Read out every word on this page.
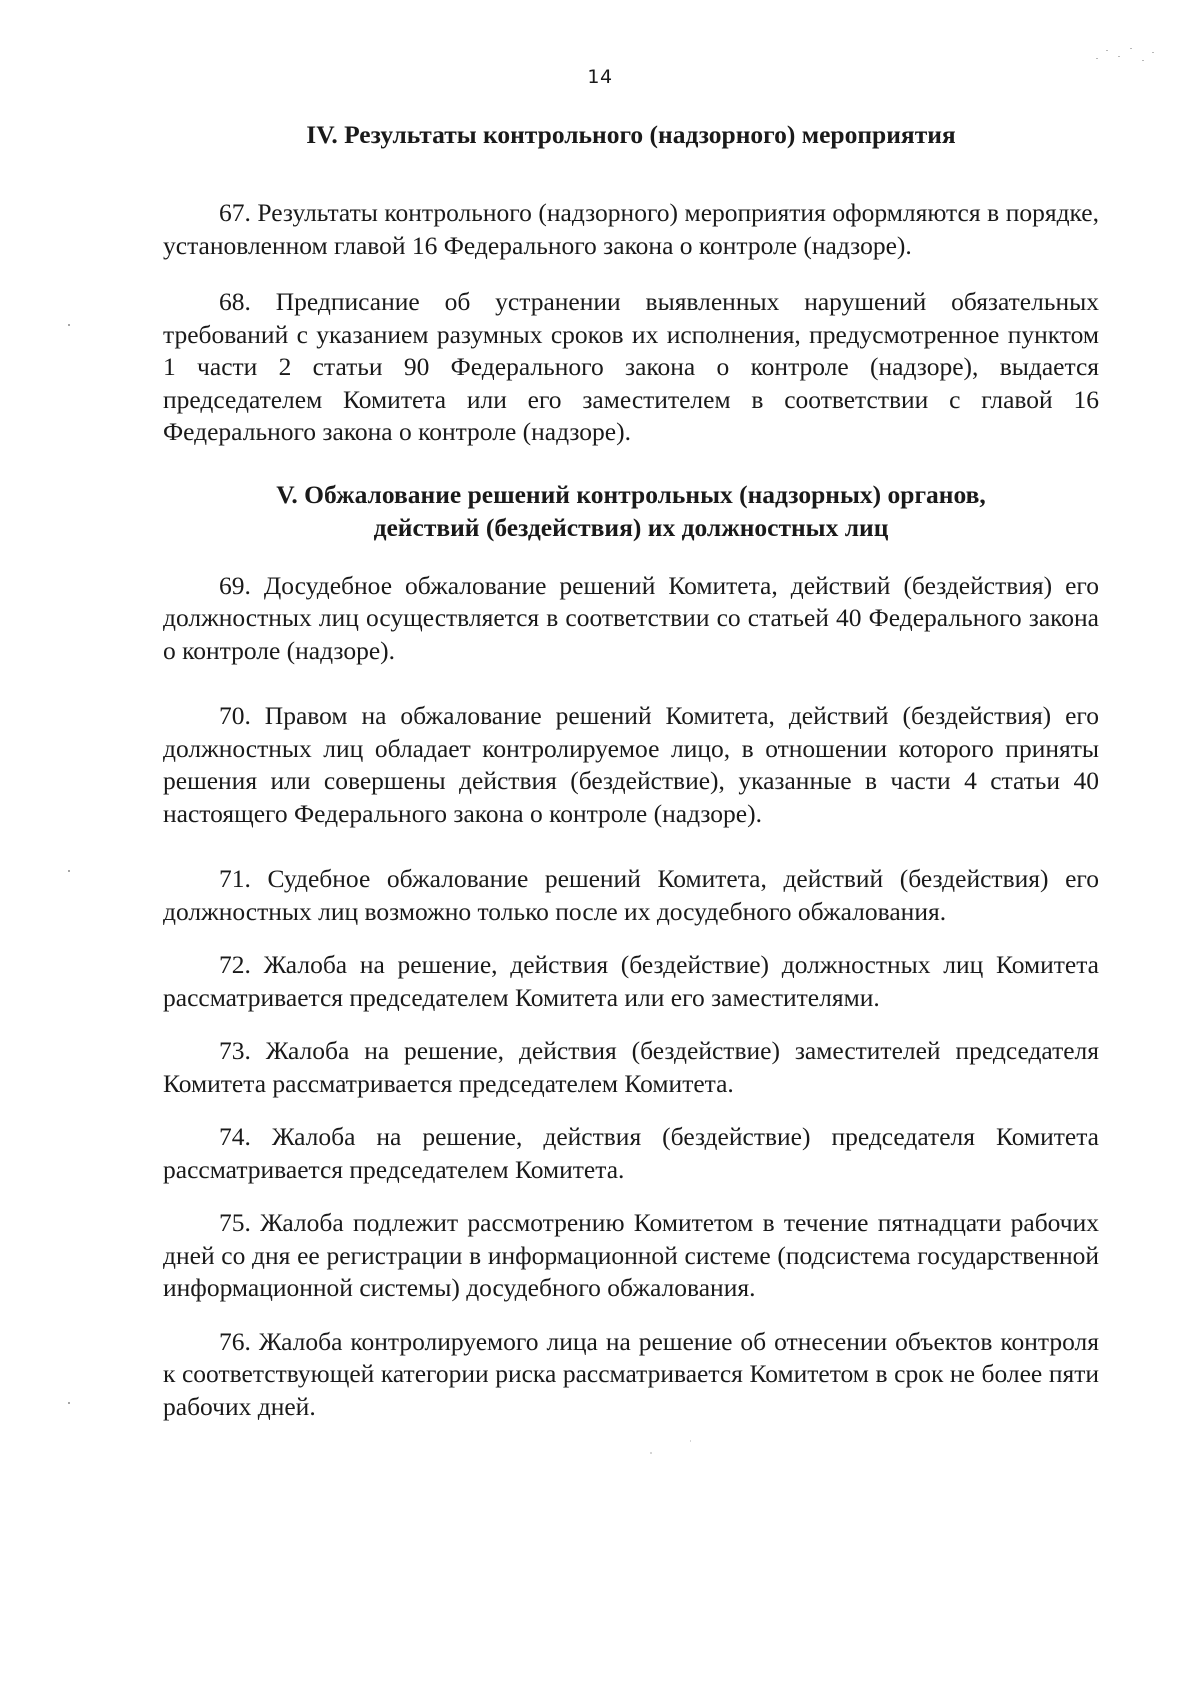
14
IV. Результаты контрольного (надзорного) мероприятия

67. Результаты контрольного (надзорного) мероприятия оформляются в порядке, установленном главой 16 Федерального закона о контроле (надзоре).

68. Предписание об устранении выявленных нарушений обязательных требований с указанием разумных сроков их исполнения, предусмотренное пунктом 1 части 2 статьи 90 Федерального закона о контроле (надзоре), выдается председателем Комитета или его заместителем в соответствии с главой 16 Федерального закона о контроле (надзоре).

V. Обжалование решений контрольных (надзорных) органов,
действий (бездействия) их должностных лиц

69. Досудебное обжалование решений Комитета, действий (бездействия) его должностных лиц осуществляется в соответствии со статьей 40 Федерального закона о контроле (надзоре).

70. Правом на обжалование решений Комитета, действий (бездействия) его должностных лиц обладает контролируемое лицо, в отношении которого приняты решения или совершены действия (бездействие), указанные в части 4 статьи 40 настоящего Федерального закона о контроле (надзоре).

71. Судебное обжалование решений Комитета, действий (бездействия) его должностных лиц возможно только после их досудебного обжалования.

72. Жалоба на решение, действия (бездействие) должностных лиц Комитета рассматривается председателем Комитета или его заместителями.

73. Жалоба на решение, действия (бездействие) заместителей председателя Комитета рассматривается председателем Комитета.

74. Жалоба на решение, действия (бездействие) председателя Комитета рассматривается председателем Комитета.

75. Жалоба подлежит рассмотрению Комитетом в течение пятнадцати рабочих дней со дня ее регистрации в информационной системе (подсистема государственной информационной системы) досудебного обжалования.

76. Жалоба контролируемого лица на решение об отнесении объектов контроля к соответствующей категории риска рассматривается Комитетом в срок не более пяти рабочих дней.
